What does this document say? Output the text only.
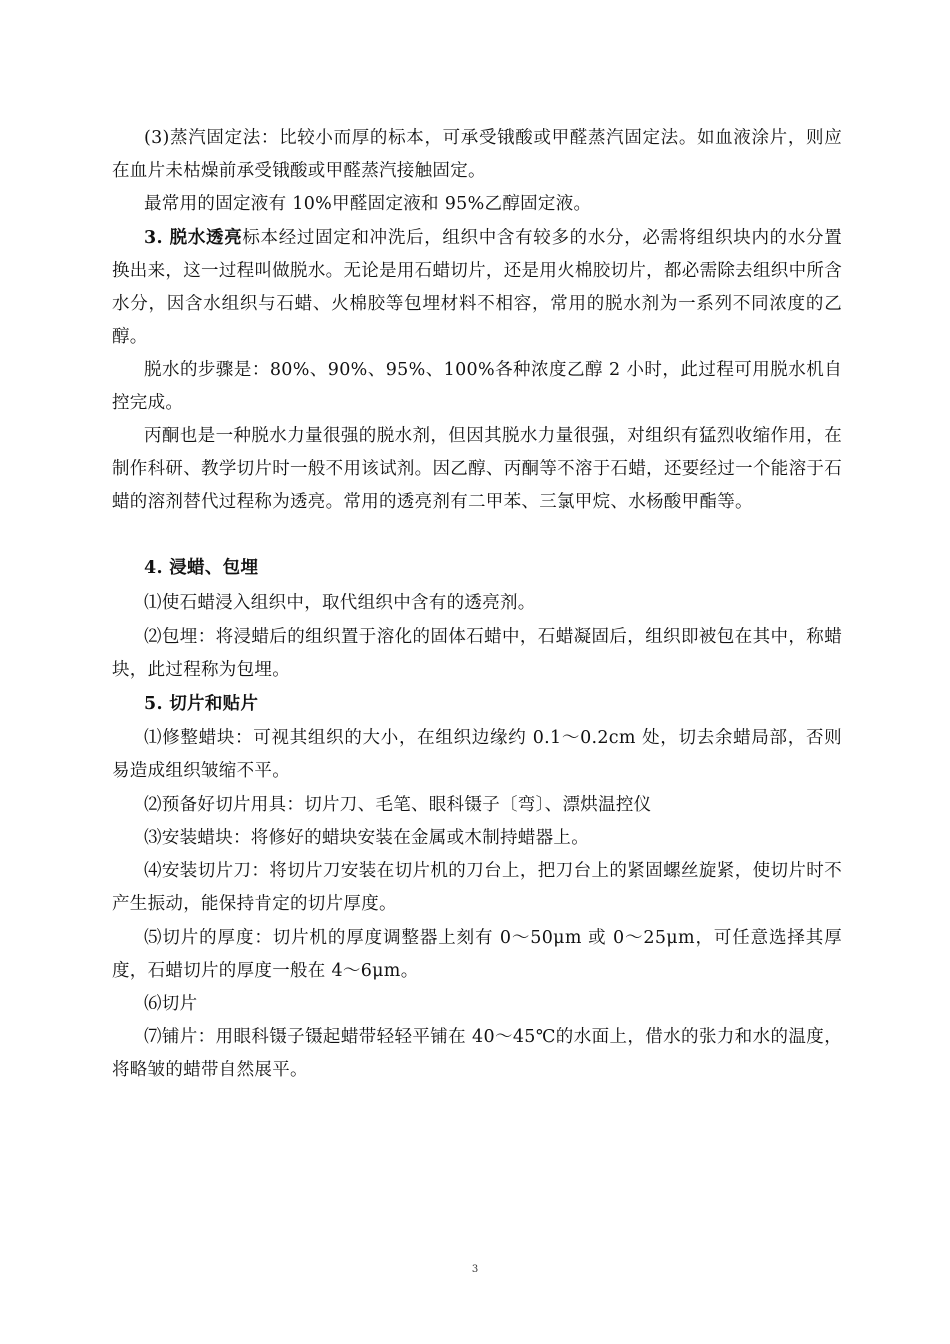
(3)蒸汽固定法：比较小而厚的标本，可承受锇酸或甲醛蒸汽固定法。如血液涂片，则应在血片未枯燥前承受锇酸或甲醛蒸汽接触固定。

最常用的固定液有 10%甲醛固定液和 95%乙醇固定液。

3. 脱水透亮标本经过固定和冲洗后，组织中含有较多的水分，必需将组织块内的水分置换出来，这一过程叫做脱水。无论是用石蜡切片，还是用火棉胶切片，都必需除去组织中所含水分，因含水组织与石蜡、火棉胶等包埋材料不相容，常用的脱水剂为一系列不同浓度的乙醇。

脱水的步骤是：80%、90%、95%、100%各种浓度乙醇 2 小时，此过程可用脱水机自控完成。

丙酮也是一种脱水力量很强的脱水剂，但因其脱水力量很强，对组织有猛烈收缩作用，在制作科研、教学切片时一般不用该试剂。因乙醇、丙酮等不溶于石蜡，还要经过一个能溶于石蜡的溶剂替代过程称为透亮。常用的透亮剂有二甲苯、三氯甲烷、水杨酸甲酯等。

4. 浸蜡、包埋

⑴使石蜡浸入组织中，取代组织中含有的透亮剂。

⑵包埋：将浸蜡后的组织置于溶化的固体石蜡中，石蜡凝固后，组织即被包在其中，称蜡块，此过程称为包埋。

5. 切片和贴片

⑴修整蜡块：可视其组织的大小，在组织边缘约 0.1～0.2cm 处，切去余蜡局部，否则易造成组织皱缩不平。

⑵预备好切片用具：切片刀、毛笔、眼科镊子〔弯〕、漂烘温控仪

⑶安装蜡块：将修好的蜡块安装在金属或木制持蜡器上。

⑷安装切片刀：将切片刀安装在切片机的刀台上，把刀台上的紧固螺丝旋紧，使切片时不产生振动，能保持肯定的切片厚度。

⑸切片的厚度：切片机的厚度调整器上刻有 0～50μm 或 0～25μm，可任意选择其厚度，石蜡切片的厚度一般在 4～6μm。

⑹切片

⑺铺片：用眼科镊子镊起蜡带轻轻平铺在 40～45℃的水面上，借水的张力和水的温度，将略皱的蜡带自然展平。

3
